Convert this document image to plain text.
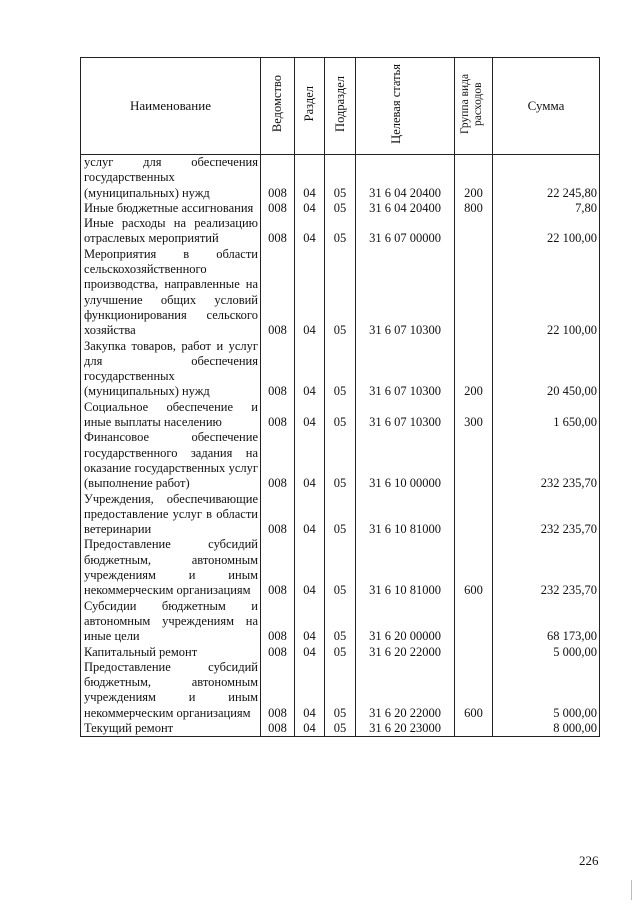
Наименование	Ведомство	Раздел	Подраздел	Целевая статья	Группа вида расходов	Сумма
услуг для обеспечения государственных (муниципальных) нужд	008	04	05	31 6 04 20400	200	22 245,80
Иные бюджетные ассигнования	008	04	05	31 6 04 20400	800	7,80
Иные расходы на реализацию отраслевых мероприятий	008	04	05	31 6 07 00000		22 100,00
Мероприятия в области сельскохозяйственного производства, направленные на улучшение общих условий функционирования сельского хозяйства	008	04	05	31 6 07 10300		22 100,00
Закупка товаров, работ и услуг для обеспечения государственных (муниципальных) нужд	008	04	05	31 6 07 10300	200	20 450,00
Социальное обеспечение и иные выплаты населению	008	04	05	31 6 07 10300	300	1 650,00
Финансовое обеспечение государственного задания на оказание государственных услуг (выполнение работ)	008	04	05	31 6 10 00000		232 235,70
Учреждения, обеспечивающие предоставление услуг в области ветеринарии	008	04	05	31 6 10 81000		232 235,70
Предоставление субсидий бюджетным, автономным учреждениям и иным некоммерческим организациям	008	04	05	31 6 10 81000	600	232 235,70
Субсидии бюджетным и автономным учреждениям на иные цели	008	04	05	31 6 20 00000		68 173,00
Капитальный ремонт	008	04	05	31 6 20 22000		5 000,00
Предоставление субсидий бюджетным, автономным учреждениям и иным некоммерческим организациям	008	04	05	31 6 20 22000	600	5 000,00
Текущий ремонт	008	04	05	31 6 20 23000		8 000,00
226
